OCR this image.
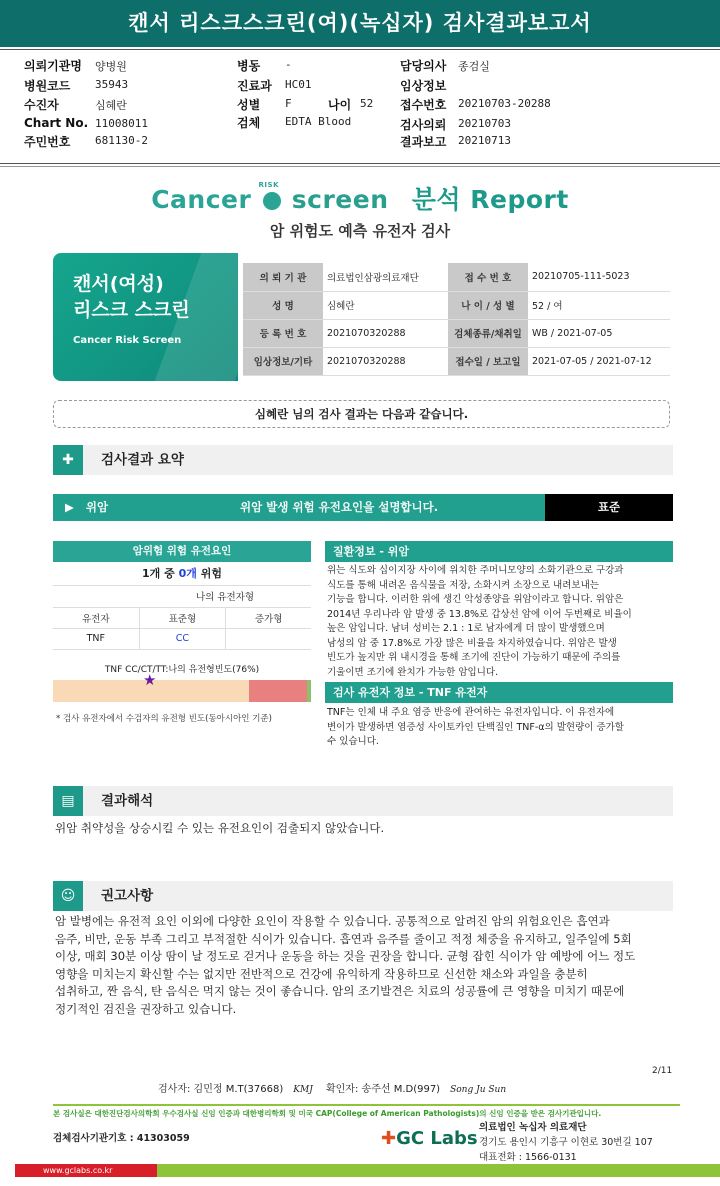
캔서 리스크스크린(여)(녹십자) 검사결과보고서
의뢰기관명 양병원
병원코드 35943
수진자	심혜란
Chart No. 11008011
주민번호 681130-2
병동 -
진료과 HC01
성별 F	나이 52
검체 EDTA Blood
담당의사 종검실
임상정보
접수번호 20210703-20288
검사의뢰 20210703
결과보고 20210713
Cancer RISK screen 분석 Report
암 위험도 예측 유전자 검사
캔서(여성)
리스크 스크린
Cancer Risk Screen
의 뢰 기 관	의료법인삼광의료재단	접 수 번 호	20210705-111-5023
성 명	심혜란	나 이 / 성 별	52 / 여
등 록 번 호	2021070320288	검체종류/채취일	WB / 2021-07-05
임상정보/기타	2021070320288	접수일 / 보고일	2021-07-05 / 2021-07-12
심혜란 님의 검사 결과는 다음과 같습니다.
✚	검사결과 요약
▶   위암	위암 발생 위험 유전요인을 설명합니다.	표준
암위험 위험 유전요인
1개 중 0개 위험
	나의 유전자형	
유전자	표준형	증가형
TNF	CC	
TNF CC/CT/TT:나의 유전형빈도(76%)
★
* 검사 유전자에서 수검자의 유전형 빈도(동아시아인 기준)
질환정보 - 위암
위는 식도와 십이지장 사이에 위치한 주머니모양의 소화기관으로 구강과
식도를 통해 내려온 음식물을 저장, 소화시켜 소장으로 내려보내는
기능을 합니다. 이러한 위에 생긴 악성종양을 위암이라고 합니다. 위암은
2014년 우리나라 암 발생 중 13.8%로 갑상선 암에 이어 두번째로 비율이
높은 암입니다. 남녀 성비는 2.1 : 1로 남자에게 더 많이 발생했으며
남성의 암 중 17.8%로 가장 많은 비율을 차지하였습니다. 위암은 발생
빈도가 높지만 위 내시경을 통해 조기에 진단이 가능하기 때문에 주의를
기울이면 조기에 완치가 가능한 암입니다.
검사 유전자 정보 - TNF 유전자
TNF는 인체 내 주요 염증 반응에 관여하는 유전자입니다. 이 유전자에
변이가 발생하면 염증성 사이토카인 단백질인 TNF-α의 발현량이 증가할
수 있습니다.
▤	결과해석
위암 취약성을 상승시킬 수 있는 유전요인이 검출되지 않았습니다.
☺	권고사항
암 발병에는 유전적 요인 이외에 다양한 요인이 작용할 수 있습니다. 공통적으로 알려진 암의 위험요인은 흡연과
음주, 비만, 운동 부족 그리고 부적절한 식이가 있습니다. 흡연과 음주를 줄이고 적정 체중을 유지하고, 일주일에 5회
이상, 매회 30분 이상 땀이 날 정도로 걷거나 운동을 하는 것을 권장을 합니다. 균형 잡힌 식이가 암 예방에 어느 정도
영향을 미치는지 확신할 수는 없지만 전반적으로 건강에 유익하게 작용하므로 신선한 채소와 과일을 충분히
섭취하고, 짠 음식, 탄 음식은 먹지 않는 것이 좋습니다. 암의 조기발견은 치료의 성공률에 큰 영향을 미치기 때문에
정기적인 검진을 권장하고 있습니다.
2/11
검사자: 김민정 M.T(37668) KMJ 확인자: 송주선 M.D(997) Song Ju Sun
본 검사실은 대한진단검사의학회 우수검사실 신임 인증과 대한병리학회 및 미국 CAP(College of American Pathologists)의 신임 인증을 받은 검사기관입니다.
검체검사기관기호 : 41303059	✚GC Labs
의료법인 녹십자 의료재단
경기도 용인시 기흥구 이현로 30번길 107
대표전화 : 1566-0131
www.gclabs.co.kr
